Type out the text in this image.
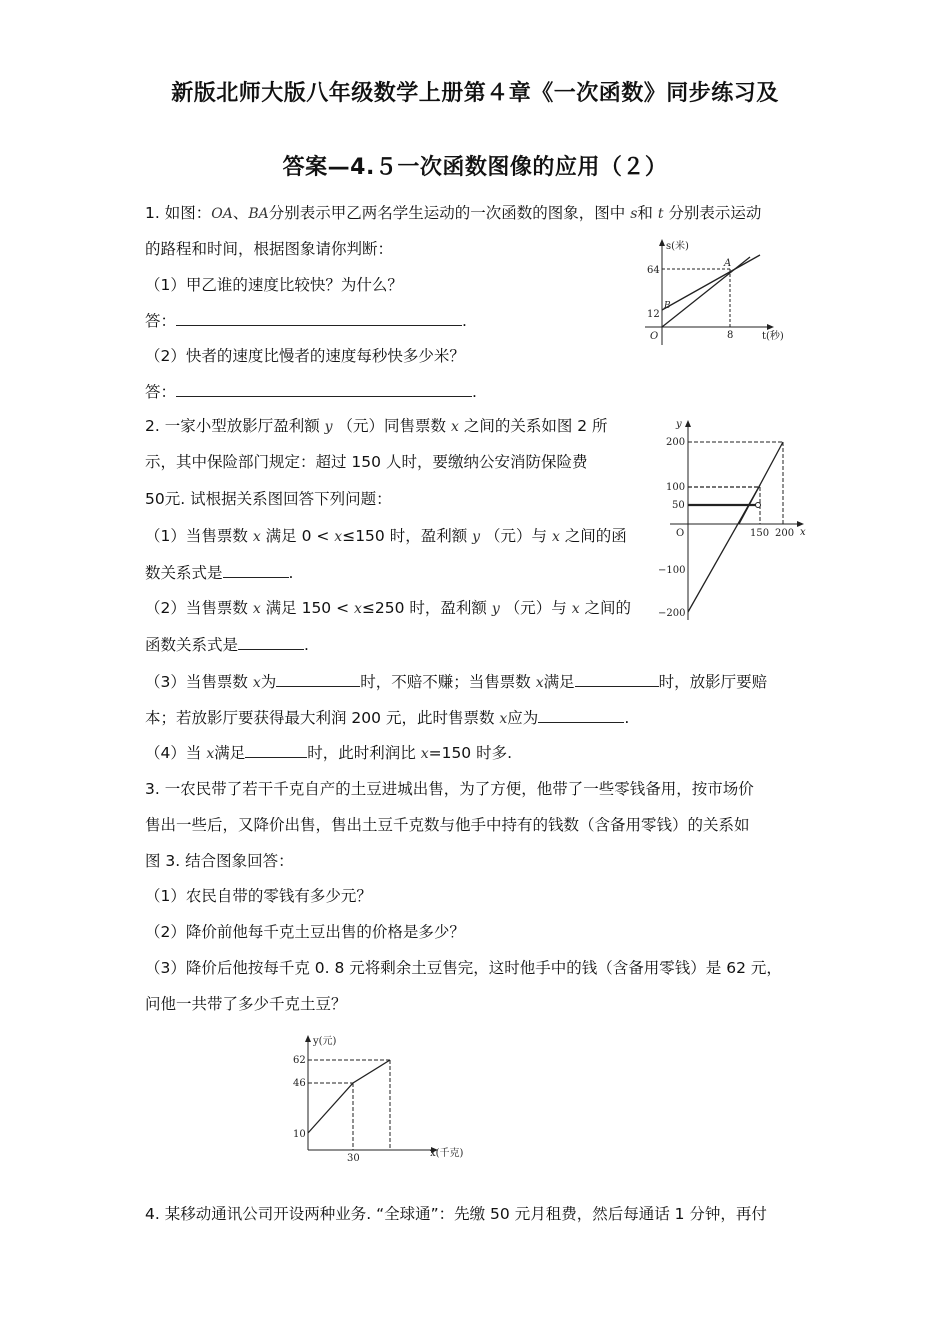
新版北师大版八年级数学上册第４章《一次函数》同步练习及
答案—4.５一次函数图像的应用（２）
1. 如图：OA、BA分别表示甲乙两名学生运动的一次函数的图象，图中 s和 t 分别表示运动
的路程和时间，根据图象请你判断：
（1）甲乙谁的速度比较快？为什么？
答：	.
（2）快者的速度比慢者的速度每秒快多少米？
答：	.
s(米)
t(秒)
O
A
B
64
12
8
2. 一家小型放影厅盈利额 y （元）同售票数 x 之间的关系如图 2 所
示，其中保险部门规定：超过 150 人时，要缴纳公安消防保险费
50元. 试根据关系图回答下列问题：
（1）当售票数 x 满足 0 < x≤150 时，盈利额 y （元）与 x 之间的函
数关系式是	.
（2）当售票数 x 满足 150 < x≤250 时，盈利额 y （元）与 x 之间的
函数关系式是	.
（3）当售票数 x为	时，不赔不赚；当售票数 x满足	时，放影厅要赔
本；若放影厅要获得最大利润 200 元，此时售票数 x应为	.
（4）当 x满足	时，此时利润比 x=150 时多.
y
x
O
200
100
50
−100
−200
150 200
3. 一农民带了若干千克自产的土豆进城出售，为了方便，他带了一些零钱备用，按市场价
售出一些后，又降价出售，售出土豆千克数与他手中持有的钱数（含备用零钱）的关系如
图 3. 结合图象回答：
（1）农民自带的零钱有多少元？
（2）降价前他每千克土豆出售的价格是多少？
（3）降价后他按每千克 0. 8 元将剩余土豆售完，这时他手中的钱（含备用零钱）是 62 元，
问他一共带了多少千克土豆？
y(元)
x(千克)
62
46
10
30
4. 某移动通讯公司开设两种业务. “全球通”：先缴 50 元月租费，然后每通话 1 分钟，再付
